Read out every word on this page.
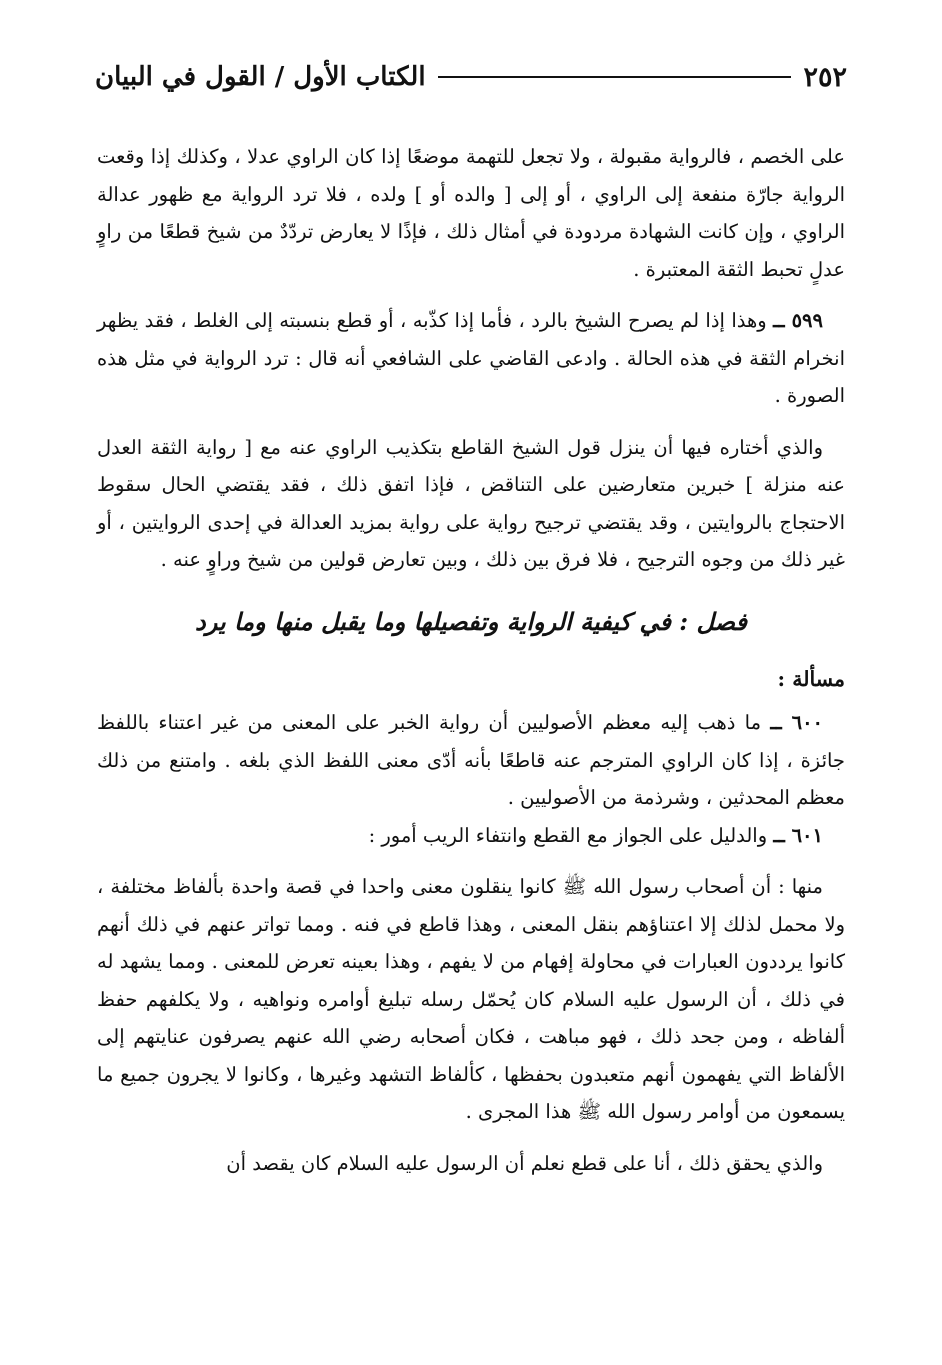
٢٥٢
الكتاب الأول / القول في البيان

على الخصم ، فالرواية مقبولة ، ولا تجعل للتهمة موضعًا إذا كان الراوي عدلا ، وكذلك إذا وقعت الرواية جارّة منفعة إلى الراوي ، أو إلى [ والده أو ] ولده ، فلا ترد الرواية مع ظهور عدالة الراوي ، وإن كانت الشهادة مردودة في أمثال ذلك ، فإذًا لا يعارض تردّدٌ من شيخ قطعًا من راوٍ عدلٍ تحبط الثقة المعتبرة .

٥٩٩ ــ وهذا إذا لم يصرح الشيخ بالرد ، فأما إذا كذّبه ، أو قطع بنسبته إلى الغلط ، فقد يظهر انخرام الثقة في هذه الحالة . وادعى القاضي على الشافعي أنه قال : ترد الرواية في مثل هذه الصورة .

والذي أختاره فيها أن ينزل قول الشيخ القاطع بتكذيب الراوي عنه مع [ رواية الثقة العدل عنه منزلة ] خبرين متعارضين على التناقض ، فإذا اتفق ذلك ، فقد يقتضي الحال سقوط الاحتجاج بالروايتين ، وقد يقتضي ترجيح رواية على رواية بمزيد العدالة في إحدى الروايتين ، أو غير ذلك من وجوه الترجيح ، فلا فرق بين ذلك ، وبين تعارض قولين من شيخ وراوٍ عنه .

فصل : في كيفية الرواية وتفصيلها وما يقبل منها وما يرد
مسألة :

٦٠٠ ــ ما ذهب إليه معظم الأصوليين أن رواية الخبر على المعنى من غير اعتناء باللفظ جائزة ، إذا كان الراوي المترجم عنه قاطعًا بأنه أدّى معنى اللفظ الذي بلغه . وامتنع من ذلك معظم المحدثين ، وشرذمة من الأصوليين .

٦٠١ ــ والدليل على الجواز مع القطع وانتفاء الريب أمور :

منها : أن أصحاب رسول الله ﷺ كانوا ينقلون معنى واحدا في قصة واحدة بألفاظ مختلفة ، ولا محمل لذلك إلا اعتناؤهم بنقل المعنى ، وهذا قاطع في فنه . ومما تواتر عنهم في ذلك أنهم كانوا يرددون العبارات في محاولة إفهام من لا يفهم ، وهذا بعينه تعرض للمعنى . ومما يشهد له في ذلك ، أن الرسول عليه السلام كان يُحمّل رسله تبليغ أوامره ونواهيه ، ولا يكلفهم حفظ ألفاظه ، ومن جحد ذلك ، فهو مباهت ، فكان أصحابه رضي الله عنهم يصرفون عنايتهم إلى الألفاظ التي يفهمون أنهم متعبدون بحفظها ، كألفاظ التشهد وغيرها ، وكانوا لا يجرون جميع ما يسمعون من أوامر رسول الله ﷺ هذا المجرى .

والذي يحقق ذلك ، أنا على قطع نعلم أن الرسول عليه السلام كان يقصد أن
